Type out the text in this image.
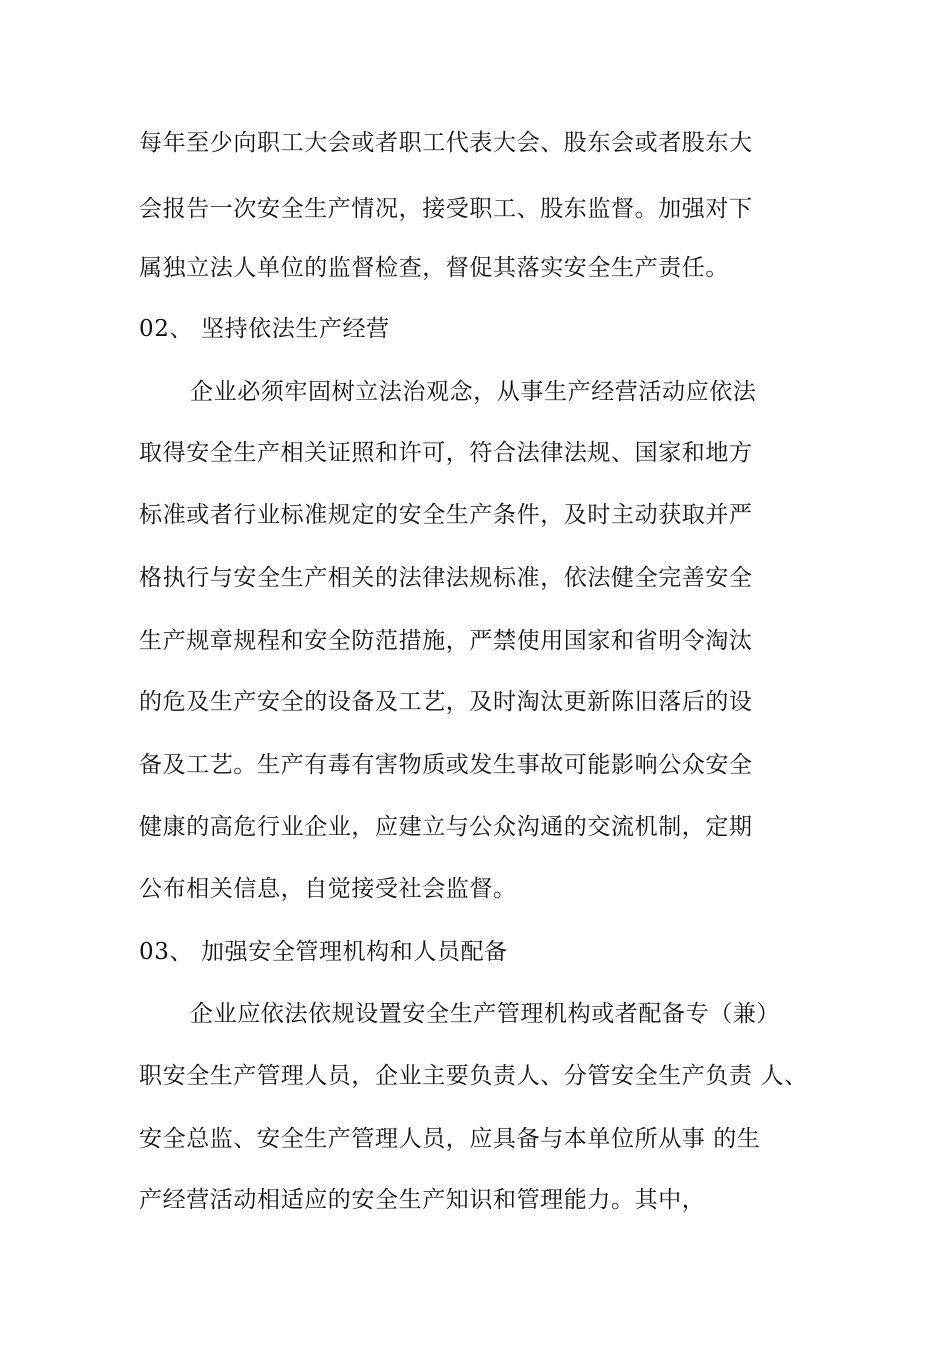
每年至少向职工大会或者职工代表大会、股东会或者股东大
会报告一次安全生产情况，接受职工、股东监督。加强对下
属独立法人单位的监督检查，督促其落实安全生产责任。
02、 坚持依法生产经营
企业必须牢固树立法治观念，从事生产经营活动应依法
取得安全生产相关证照和许可，符合法律法规、国家和地方
标准或者行业标准规定的安全生产条件，及时主动获取并严
格执行与安全生产相关的法律法规标准，依法健全完善安全
生产规章规程和安全防范措施，严禁使用国家和省明令淘汰
的危及生产安全的设备及工艺，及时淘汰更新陈旧落后的设
备及工艺。生产有毒有害物质或发生事故可能影响公众安全
健康的高危行业企业，应建立与公众沟通的交流机制，定期
公布相关信息，自觉接受社会监督。
03、 加强安全管理机构和人员配备
企业应依法依规设置安全生产管理机构或者配备专（兼）
职安全生产管理人员，企业主要负责人、分管安全生产负责 人、
安全总监、安全生产管理人员，应具备与本单位所从事 的生
产经营活动相适应的安全生产知识和管理能力。其中，
